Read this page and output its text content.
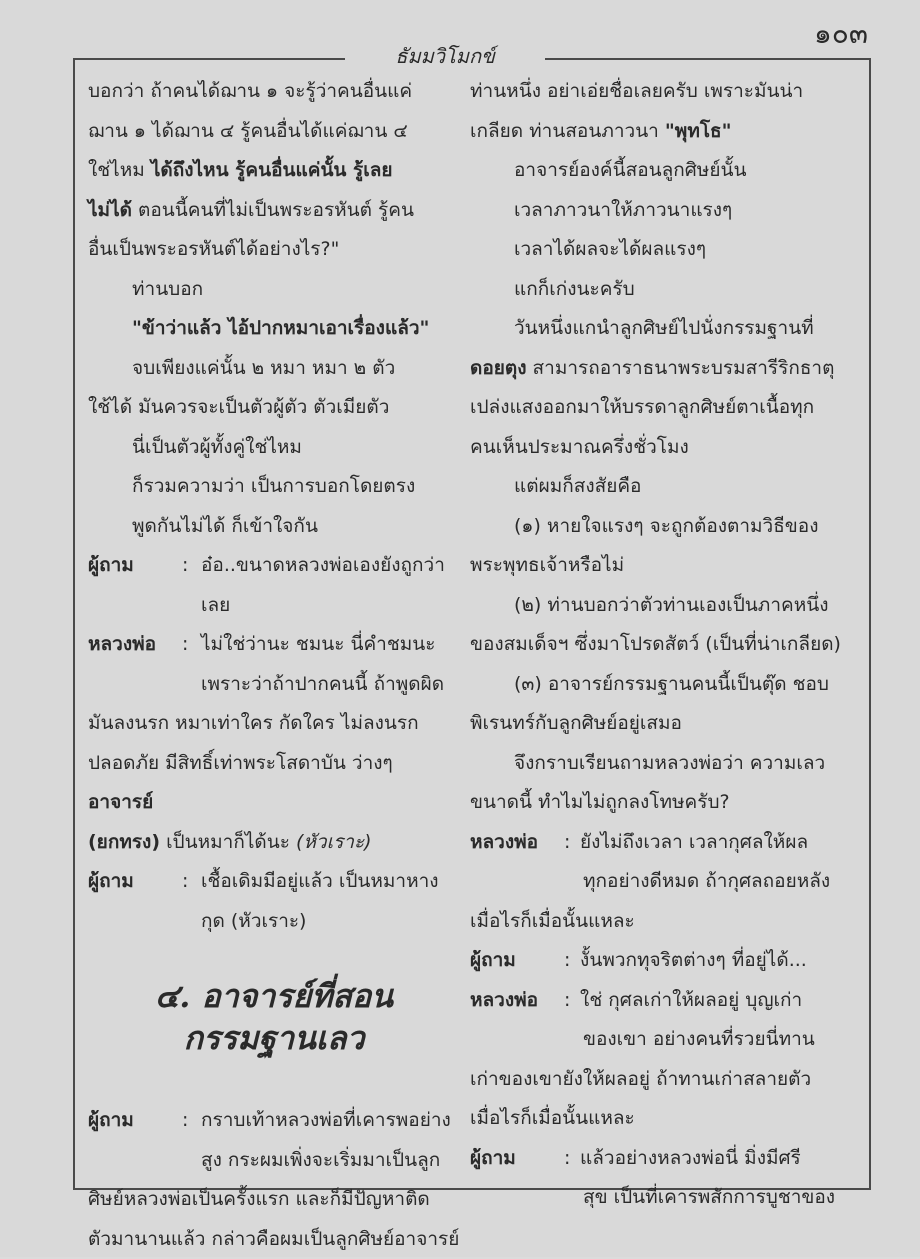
๑๐๓
ธัมมวิโมกข์

บอกว่า ถ้าคนได้ฌาน ๑ จะรู้ว่าคนอื่นแค่

ฌาน ๑ ได้ฌาน ๔ รู้คนอื่นได้แค่ฌาน ๔

ใช่ไหม ได้ถึงไหน รู้คนอื่นแค่นั้น รู้เลย

ไม่ได้ ตอนนี้คนที่ไม่เป็นพระอรหันต์ รู้คน

อื่นเป็นพระอรหันต์ได้อย่างไร?"

ท่านบอก

"ข้าว่าแล้ว ไอ้ปากหมาเอาเรื่องแล้ว"

จบเพียงแค่นั้น ๒ หมา หมา ๒ ตัว

ใช้ได้ มันควรจะเป็นตัวผู้ตัว ตัวเมียตัว

นี่เป็นตัวผู้ทั้งคู่ใช่ไหม

ก็รวมความว่า เป็นการบอกโดยตรง

พูดกันไม่ได้ ก็เข้าใจกัน

ผู้ถาม	: อ๋อ..ขนาดหลวงพ่อเองยังถูกว่า

เลย

หลวงพ่อ : ไม่ใช่ว่านะ ชมนะ นี่คำชมนะ

เพราะว่าถ้าปากคนนี้ ถ้าพูดผิด

มันลงนรก หมาเท่าใคร กัดใคร ไม่ลงนรก

ปลอดภัย มีสิทธิ์เท่าพระโสดาบัน ว่างๆ อาจารย์

(ยกทรง) เป็นหมาก็ได้นะ (หัวเราะ)

ผู้ถาม	: เชื้อเดิมมีอยู่แล้ว เป็นหมาหาง

กุด (หัวเราะ)

๔. อาจารย์ที่สอน
กรรมฐานเลว

ผู้ถาม	: กราบเท้าหลวงพ่อที่เคารพอย่าง

สูง กระผมเพิ่งจะเริ่มมาเป็นลูก

ศิษย์หลวงพ่อเป็นครั้งแรก และก็มีปัญหาติด

ตัวมานานแล้ว กล่าวคือผมเป็นลูกศิษย์อาจารย์

ท่านหนึ่ง อย่าเอ่ยชื่อเลยครับ เพราะมันน่า

เกลียด ท่านสอนภาวนา "พุทโธ"

อาจารย์องค์นี้สอนลูกศิษย์นั้น

เวลาภาวนาให้ภาวนาแรงๆ

เวลาได้ผลจะได้ผลแรงๆ

แกก็เก่งนะครับ

วันหนึ่งแกนำลูกศิษย์ไปนั่งกรรมฐานที่

ดอยตุง สามารถอาราธนาพระบรมสารีริกธาตุ

เปล่งแสงออกมาให้บรรดาลูกศิษย์ตาเนื้อทุก

คนเห็นประมาณครึ่งชั่วโมง

แต่ผมก็สงสัยคือ

(๑) หายใจแรงๆ จะถูกต้องตามวิธีของ

พระพุทธเจ้าหรือไม่

(๒) ท่านบอกว่าตัวท่านเองเป็นภาคหนึ่ง

ของสมเด็จฯ ซึ่งมาโปรดสัตว์ (เป็นที่น่าเกลียด)

(๓) อาจารย์กรรมฐานคนนี้เป็นตุ๊ด ชอบ

พิเรนทร์กับลูกศิษย์อยู่เสมอ

จึงกราบเรียนถามหลวงพ่อว่า ความเลว

ขนาดนี้ ทำไมไม่ถูกลงโทษครับ?

หลวงพ่อ : ยังไม่ถึงเวลา เวลากุศลให้ผล

ทุกอย่างดีหมด ถ้ากุศลถอยหลัง

เมื่อไรก็เมื่อนั้นแหละ

ผู้ถาม	: งั้นพวกทุจริตต่างๆ ที่อยู่ได้...

หลวงพ่อ : ใช่ กุศลเก่าให้ผลอยู่ บุญเก่า

ของเขา อย่างคนที่รวยนี่ทาน

เก่าของเขายังให้ผลอยู่ ถ้าทานเก่าสลายตัว

เมื่อไรก็เมื่อนั้นแหละ

ผู้ถาม	: แล้วอย่างหลวงพ่อนี่ มิ่งมีศรี

สุข เป็นที่เคารพสักการบูชาของ
